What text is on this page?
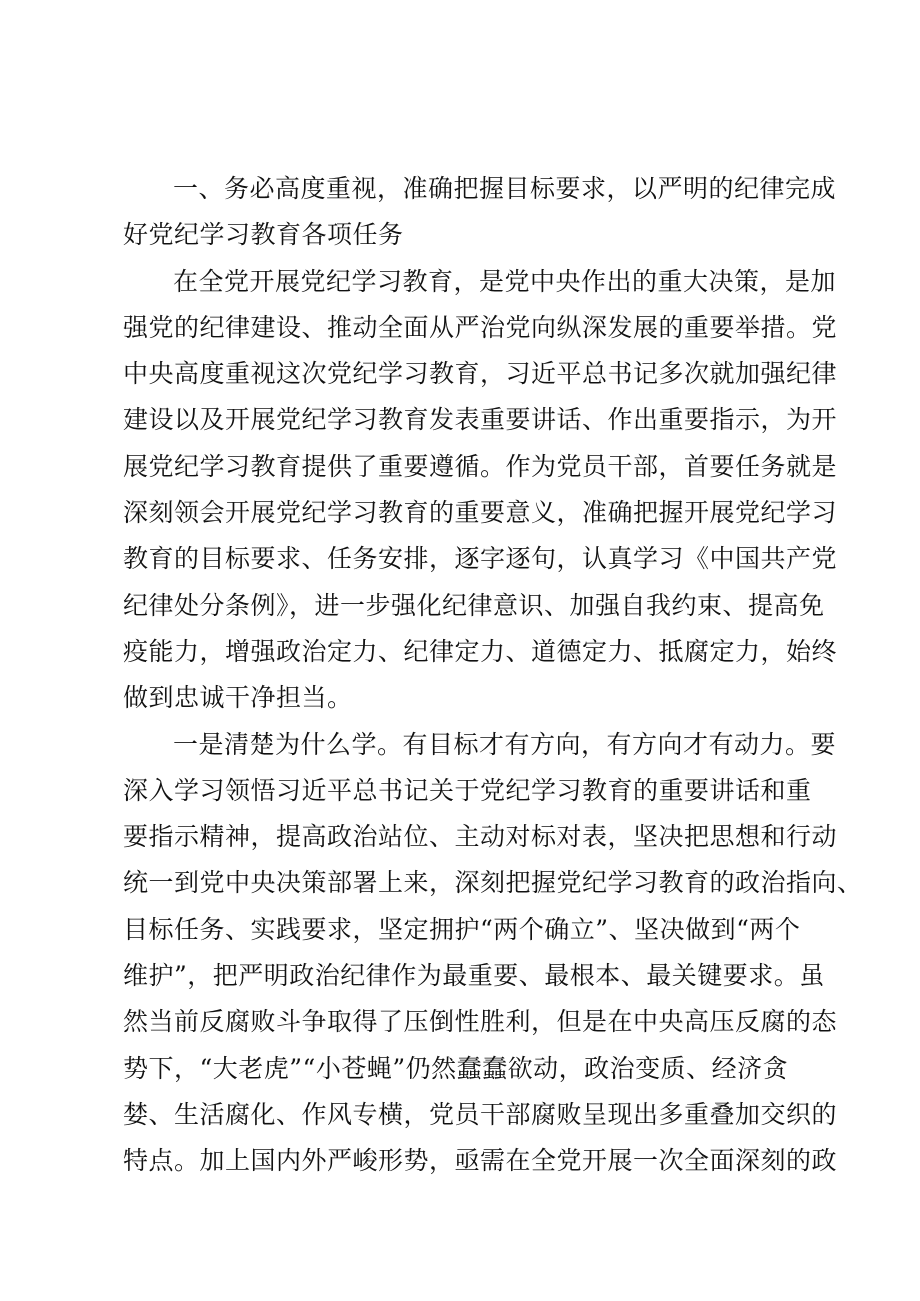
一、务必高度重视，准确把握目标要求，以严明的纪律完成
好党纪学习教育各项任务
在全党开展党纪学习教育，是党中央作出的重大决策，是加
强党的纪律建设、推动全面从严治党向纵深发展的重要举措。党
中央高度重视这次党纪学习教育，习近平总书记多次就加强纪律
建设以及开展党纪学习教育发表重要讲话、作出重要指示，为开
展党纪学习教育提供了重要遵循。作为党员干部，首要任务就是
深刻领会开展党纪学习教育的重要意义，准确把握开展党纪学习
教育的目标要求、任务安排，逐字逐句，认真学习《中国共产党
纪律处分条例》，进一步强化纪律意识、加强自我约束、提高免
疫能力，增强政治定力、纪律定力、道德定力、抵腐定力，始终
做到忠诚干净担当。
一是清楚为什么学。有目标才有方向，有方向才有动力。要
深入学习领悟习近平总书记关于党纪学习教育的重要讲话和重
要指示精神，提高政治站位、主动对标对表，坚决把思想和行动
统一到党中央决策部署上来，深刻把握党纪学习教育的政治指向、
目标任务、实践要求，坚定拥护“两个确立”、坚决做到“两个
维护”，把严明政治纪律作为最重要、最根本、最关键要求。虽
然当前反腐败斗争取得了压倒性胜利，但是在中央高压反腐的态
势下，“大老虎”“小苍蝇”仍然蠢蠢欲动，政治变质、经济贪
婪、生活腐化、作风专横，党员干部腐败呈现出多重叠加交织的
特点。加上国内外严峻形势，亟需在全党开展一次全面深刻的政
